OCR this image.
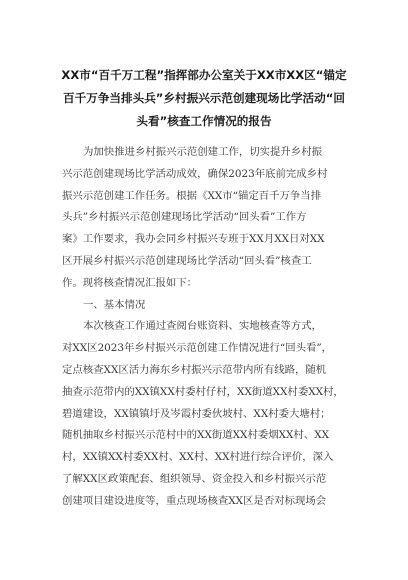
XX市“百千万工程”指挥部办公室关于XX市XX区“锚定
百千万争当排头兵”乡村振兴示范创建现场比学活动“回
头看”核查工作情况的报告
为加快推进乡村振兴示范创建工作，切实提升乡村振
兴示范创建现场比学活动成效，确保2023年底前完成乡村
振兴示范创建工作任务。根据《XX市“锚定百千万争当排
头兵”乡村振兴示范创建现场比学活动“回头看”工作方
案》工作要求，我办会同乡村振兴专班于XX月XX日对XX
区开展乡村振兴示范创建现场比学活动“回头看”核查工
作。现将核查情况汇报如下：
一、基本情况
本次核查工作通过查阅台账资料、实地核查等方式，
对XX区2023年乡村振兴示范创建工作情况进行“回头看”，
定点核查XX区活力海东乡村振兴示范带内所有线路，随机
抽查示范带内的XX镇XX村委村仔村，XX街道XX村委XX村，
碧道建设，XX镇镇圩及岑霞村委伙坡村、XX村委大塘村；
随机抽取乡村振兴示范村中的XX街道XX村委烟XX村、XX
村，XX镇XX村委XX村、XX村、XX村进行综合评价，深入
了解XX区政策配套、组织领导、资金投入和乡村振兴示范
创建项目建设进度等，重点现场核查XX区是否对标现场会
